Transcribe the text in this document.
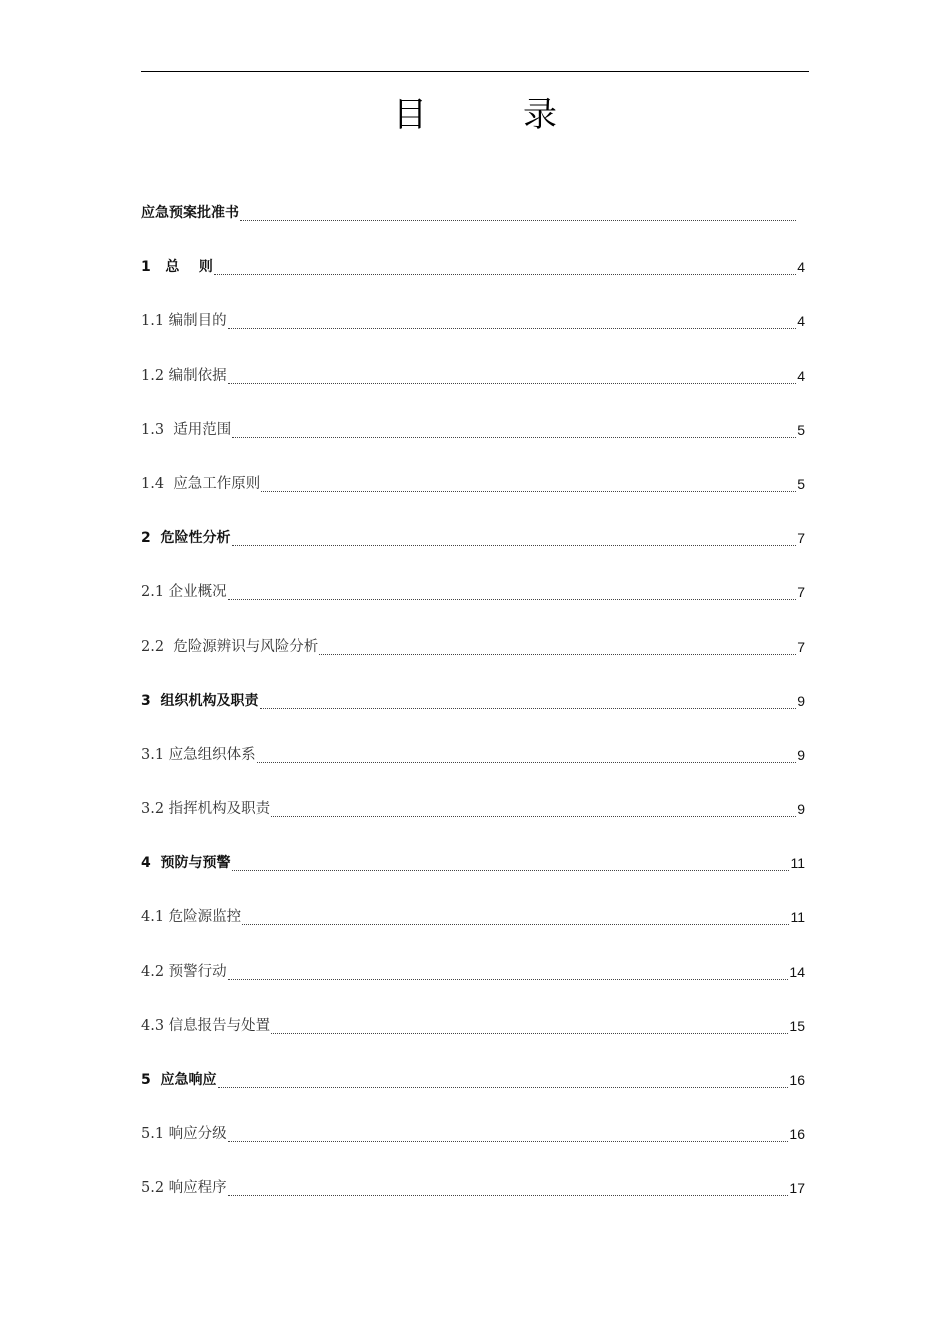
目	录
应急预案批准书
1   总    则	4
1.1 编制目的	4
1.2 编制依据	4
1.3  适用范围	5
1.4  应急工作原则	5
2  危险性分析	7
2.1 企业概况	7
2.2  危险源辨识与风险分析	7
3  组织机构及职责	9
3.1 应急组织体系	9
3.2 指挥机构及职责	9
4  预防与预警	11
4.1 危险源监控	11
4.2 预警行动	14
4.3 信息报告与处置	15
5  应急响应	16
5.1 响应分级	16
5.2 响应程序	17
